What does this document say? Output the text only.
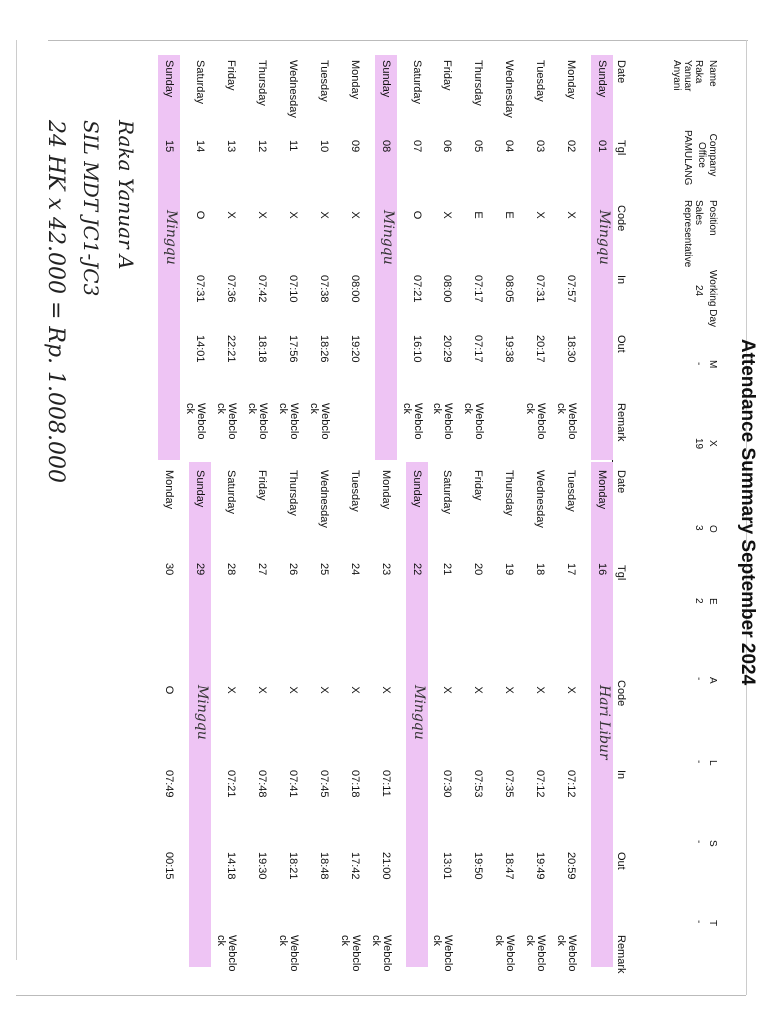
Attendance Summary September 2024
Name
Company Office
Position
Working Day
M
X
O
E
A
L
S
T
Raka Yanuar Anyani
PAMULANG
Sales Representative
24
-
19
3
2
-
-
-
-
Date
Tgl
Code
In
Out
Remark
Date
Tgl
Code
In
Out
Remark
Sunday
01
Mingqu
Monday
02
X
07:57
18:30
Webclo ck
Tuesday
03
X
07:31
20:17
Webclo ck
Wednesday
04
E
08:05
19:38
Thursday
05
E
07:17
07:17
Webclo ck
Friday
06
X
08:00
20:29
Webclo ck
Saturday
07
O
07:21
16:10
Webclo ck
Sunday
08
Mingqu
Monday
09
X
08:00
19:20
Tuesday
10
X
07:38
18:26
Webclo ck
Wednesday
11
X
07:10
17:56
Webclo ck
Thursday
12
X
07:42
18:18
Webclo ck
Friday
13
X
07:36
22:21
Webclo ck
Saturday
14
O
07:31
14:01
Webclo ck
Sunday
15
Mingqu
Monday
16
Hari Libur
Tuesday
17
X
07:12
20:59
Webclo ck
Wednesday
18
X
07:12
19:49
Webclo ck
Thursday
19
X
07:35
18:47
Webclo ck
Friday
20
X
07:53
19:50
Saturday
21
X
07:30
13:01
Webclo ck
Sunday
22
Mingqu
Monday
23
X
07:11
21:00
Webclo ck
Tuesday
24
X
07:18
17:42
Webclo ck
Wednesday
25
X
07:45
18:48
Thursday
26
X
07:41
18:21
Webclo ck
Friday
27
X
07:48
19:30
Saturday
28
X
07:21
14:18
Webclo ck
Sunday
29
Mingqu
Monday
30
O
07:49
00:15
Raka Yanuar A
SIL MDT JC1-JC3
24 HK x 42.000 = Rp. 1.008.000
